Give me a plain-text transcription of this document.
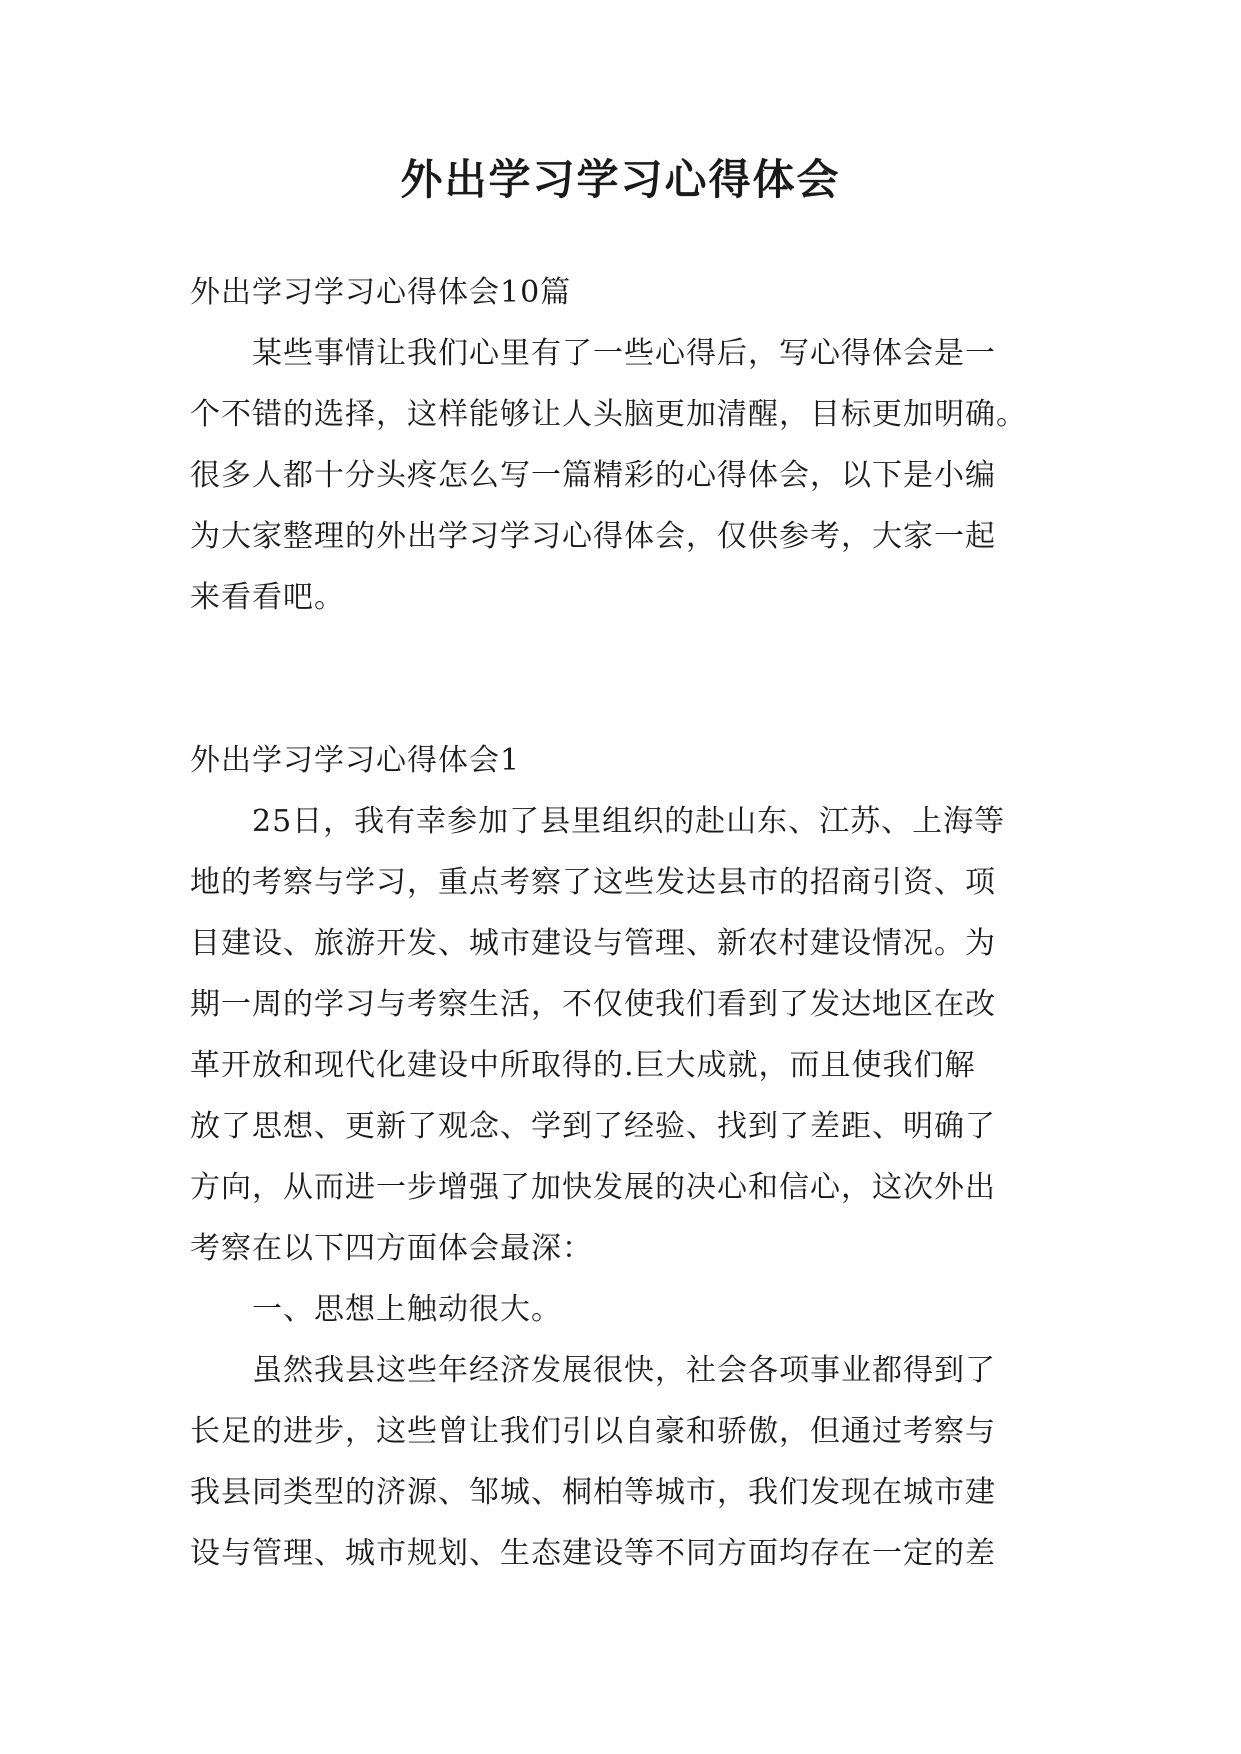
外出学习学习心得体会
外出学习学习心得体会10篇
某些事情让我们心里有了一些心得后，写心得体会是一
个不错的选择，这样能够让人头脑更加清醒，目标更加明确。
很多人都十分头疼怎么写一篇精彩的心得体会，以下是小编
为大家整理的外出学习学习心得体会，仅供参考，大家一起
来看看吧。
外出学习学习心得体会1
25日，我有幸参加了县里组织的赴山东、江苏、上海等
地的考察与学习，重点考察了这些发达县市的招商引资、项
目建设、旅游开发、城市建设与管理、新农村建设情况。为
期一周的学习与考察生活，不仅使我们看到了发达地区在改
革开放和现代化建设中所取得的.巨大成就，而且使我们解
放了思想、更新了观念、学到了经验、找到了差距、明确了
方向，从而进一步增强了加快发展的决心和信心，这次外出
考察在以下四方面体会最深：
一、思想上触动很大。
虽然我县这些年经济发展很快，社会各项事业都得到了
长足的进步，这些曾让我们引以自豪和骄傲，但通过考察与
我县同类型的济源、邹城、桐柏等城市，我们发现在城市建
设与管理、城市规划、生态建设等不同方面均存在一定的差
